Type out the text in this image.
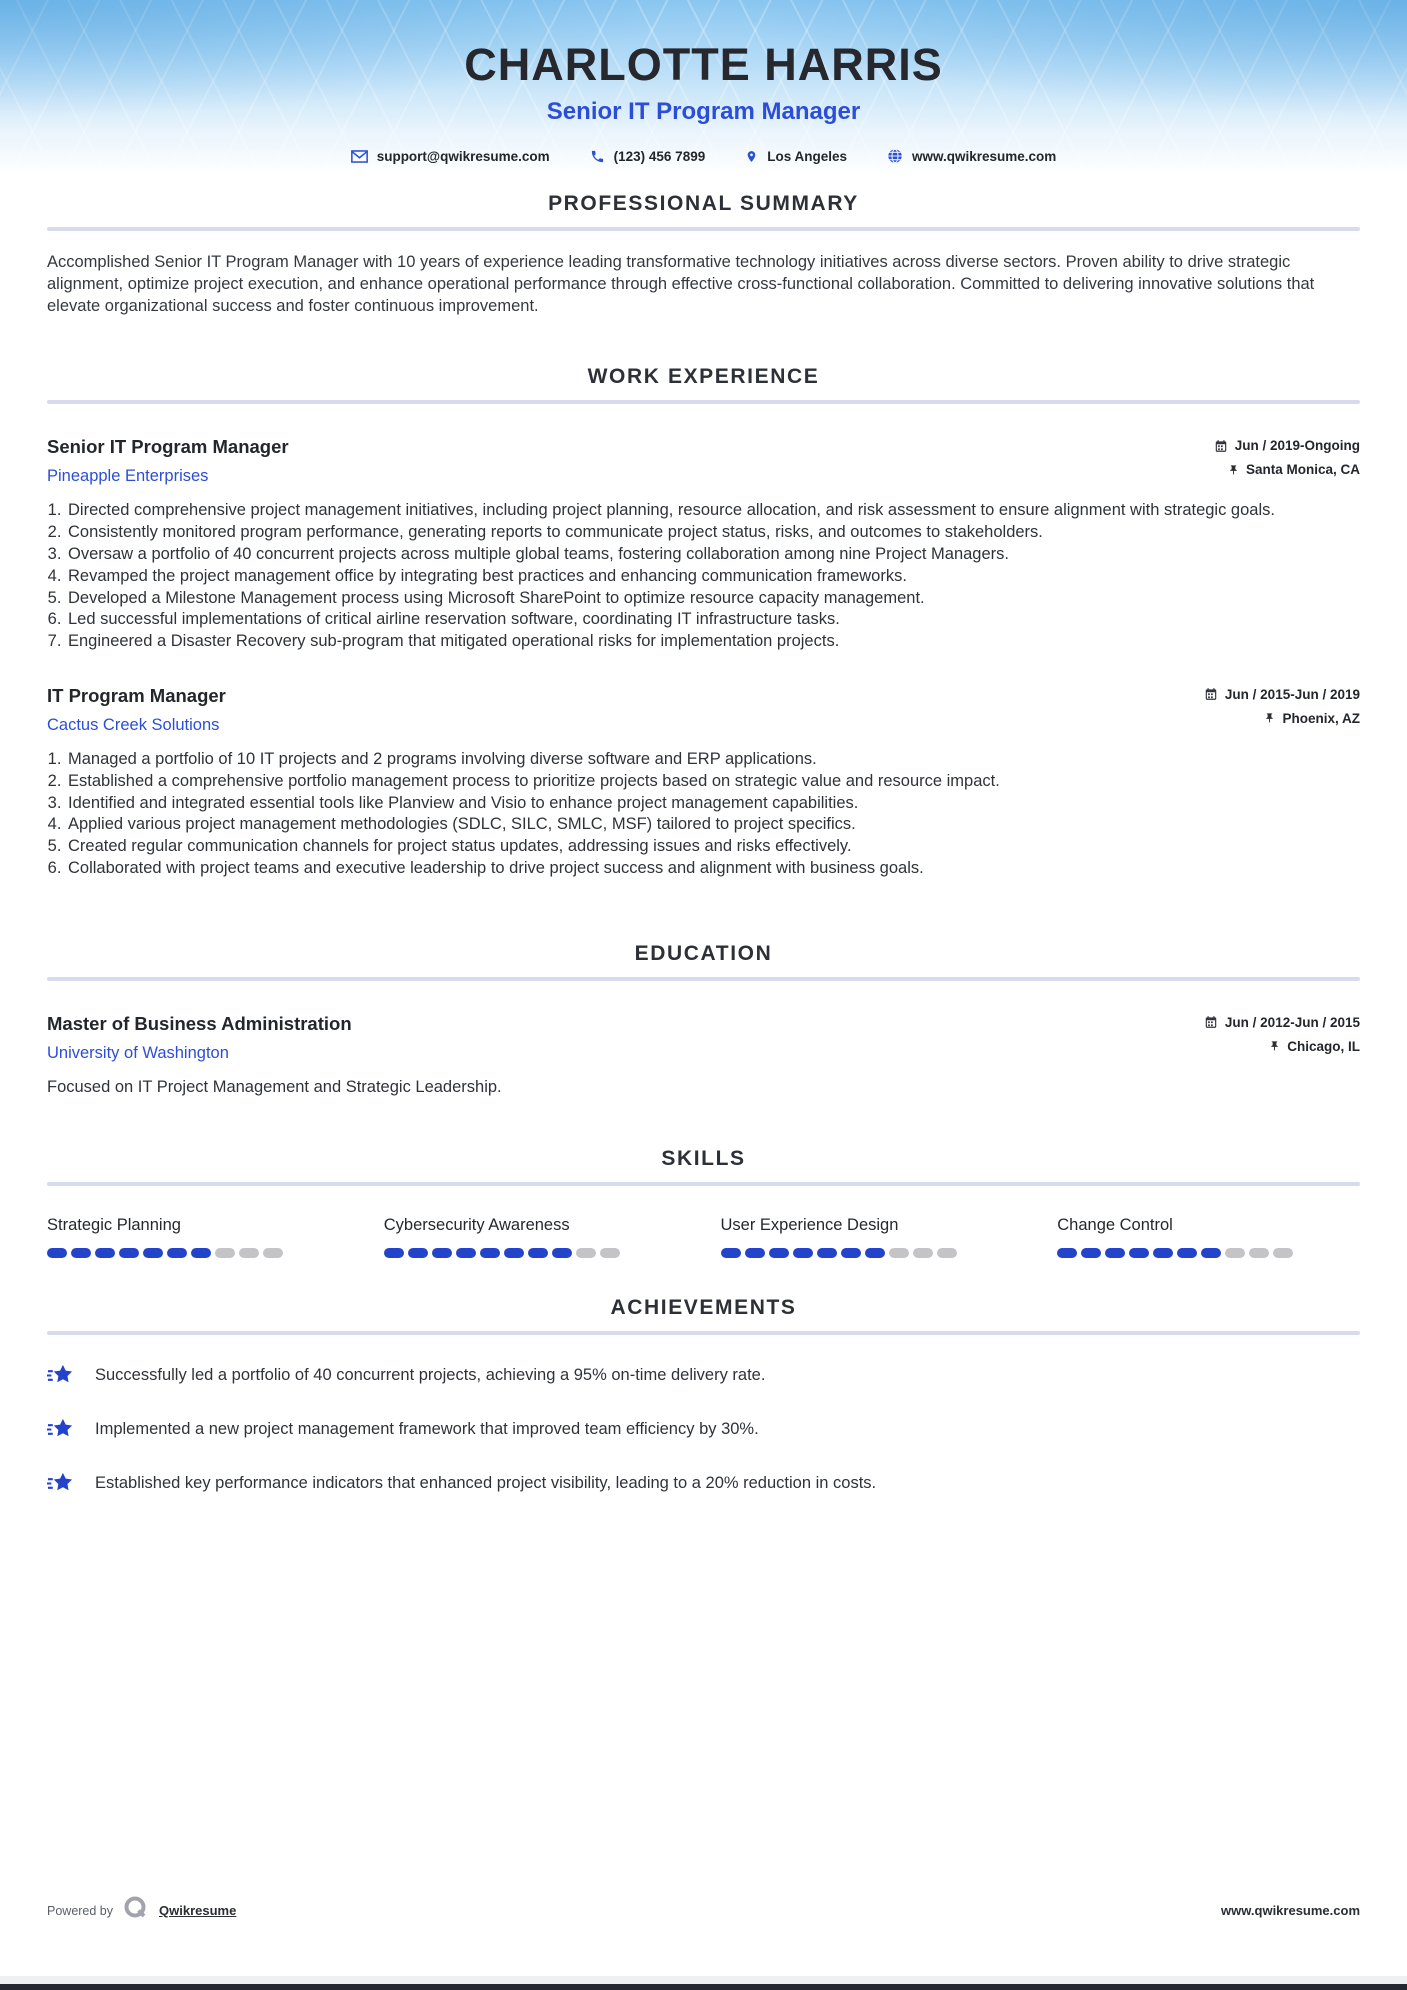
CHARLOTTE HARRIS
Senior IT Program Manager
support@qwikresume.com	(123) 456 7899	Los Angeles	www.qwikresume.com
PROFESSIONAL SUMMARY

Accomplished Senior IT Program Manager with 10 years of experience leading transformative technology initiatives across diverse sectors. Proven ability to drive strategic alignment, optimize project execution, and enhance operational performance through effective cross-functional collaboration. Committed to delivering innovative solutions that elevate organizational success and foster continuous improvement.

WORK EXPERIENCE
Senior IT Program Manager
Pineapple Enterprises
Jun / 2019-Ongoing
Santa Monica, CA
1. Directed comprehensive project management initiatives, including project planning, resource allocation, and risk assessment to ensure alignment with strategic goals.
2. Consistently monitored program performance, generating reports to communicate project status, risks, and outcomes to stakeholders.
3. Oversaw a portfolio of 40 concurrent projects across multiple global teams, fostering collaboration among nine Project Managers.
4. Revamped the project management office by integrating best practices and enhancing communication frameworks.
5. Developed a Milestone Management process using Microsoft SharePoint to optimize resource capacity management.
6. Led successful implementations of critical airline reservation software, coordinating IT infrastructure tasks.
7. Engineered a Disaster Recovery sub-program that mitigated operational risks for implementation projects.
IT Program Manager
Cactus Creek Solutions
Jun / 2015-Jun / 2019
Phoenix, AZ
1. Managed a portfolio of 10 IT projects and 2 programs involving diverse software and ERP applications.
2. Established a comprehensive portfolio management process to prioritize projects based on strategic value and resource impact.
3. Identified and integrated essential tools like Planview and Visio to enhance project management capabilities.
4. Applied various project management methodologies (SDLC, SILC, SMLC, MSF) tailored to project specifics.
5. Created regular communication channels for project status updates, addressing issues and risks effectively.
6. Collaborated with project teams and executive leadership to drive project success and alignment with business goals.
EDUCATION
Master of Business Administration
University of Washington
Jun / 2012-Jun / 2015
Chicago, IL
Focused on IT Project Management and Strategic Leadership.
SKILLS
Strategic Planning	Cybersecurity Awareness	User Experience Design	Change Control
ACHIEVEMENTS
Successfully led a portfolio of 40 concurrent projects, achieving a 95% on-time delivery rate.
Implemented a new project management framework that improved team efficiency by 30%.
Established key performance indicators that enhanced project visibility, leading to a 20% reduction in costs.
Powered by	Qwikresume	www.qwikresume.com
